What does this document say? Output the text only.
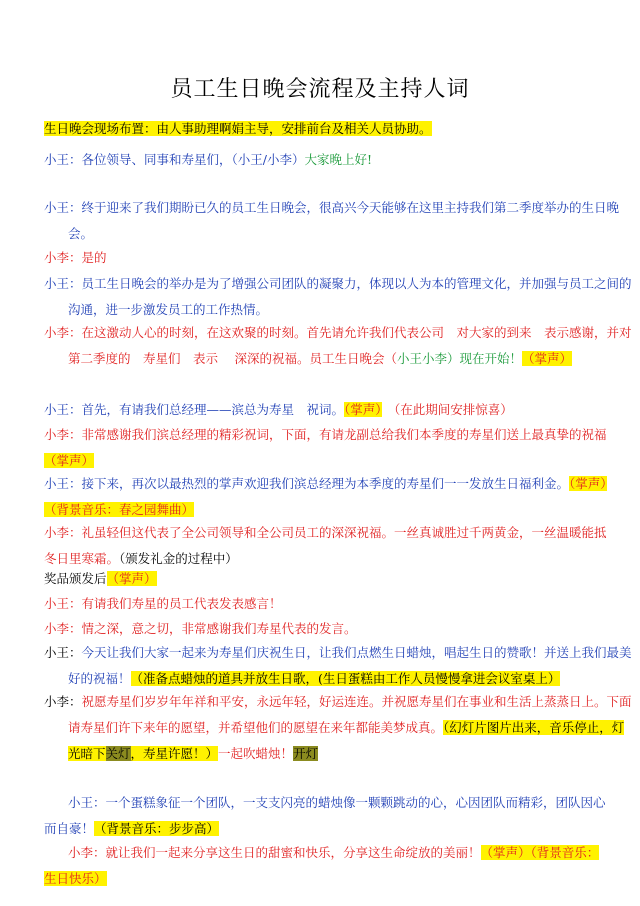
员工生日晚会流程及主持人词
生日晚会现场布置：由人事助理啊娟主导，安排前台及相关人员协助。
小王：各位领导、同事和寿星们，（小王/小李）大家晚上好!
小王：终于迎来了我们期盼已久的员工生日晚会，很高兴今天能够在这里主持我们第二季度举办的生日晚会。
小李：是的
小王：员工生日晚会的举办是为了增强公司团队的凝聚力，体现以人为本的管理文化，并加强与员工之间的沟通，进一步激发员工的工作热情。
小李：在这激动人心的时刻，在这欢聚的时刻。首先请允许我们代表公司　对大家的到来　表示感谢，并对第二季度的　寿星们　表示　 深深的祝福。员工生日晚会（小王小李）现在开始！（掌声）
小王：首先，有请我们总经理——滨总为寿星　祝词。（掌声）　 （在此期间安排惊喜）
小李：非常感谢我们滨总经理的精彩祝词，下面，有请龙副总给我们本季度的寿星们送上最真挚的祝福（掌声）
小王：接下来，再次以最热烈的掌声欢迎我们滨总经理为本季度的寿星们一一发放生日福利金。（掌声）（背景音乐：春之园舞曲）
小李：礼虽轻但这代表了全公司领导和全公司员工的深深祝福。一丝真诚胜过千两黄金，一丝温暖能抵冬日里寒霜。（颁发礼金的过程中）
奖品颁发后（掌声）
小王：有请我们寿星的员工代表发表感言！
小李：情之深，意之切，非常感谢我们寿星代表的发言。
小王：今天让我们大家一起来为寿星们庆祝生日，让我们点燃生日蜡烛，唱起生日的赞歌！并送上我们最美好的祝福！（准备点蜡烛的道具并放生日歌，(生日蛋糕由工作人员慢慢拿进会议室桌上）
小李：祝愿寿星们岁岁年年祥和平安，永远年轻，好运连连。并祝愿寿星们在事业和生活上蒸蒸日上。下面请寿星们许下来年的愿望，并希望他们的愿望在来年都能美梦成真。（幻灯片图片出来，音乐停止，灯光暗下关灯，寿星许愿！）一起吹蜡烛！开灯
小王：一个蛋糕象征一个团队，一支支闪亮的蜡烛像一颗颗跳动的心，心因团队而精彩，团队因心而自豪！（背景音乐：步步高）
小李：就让我们一起来分享这生日的甜蜜和快乐，分享这生命绽放的美丽！（掌声）（背景音乐：生日快乐）
